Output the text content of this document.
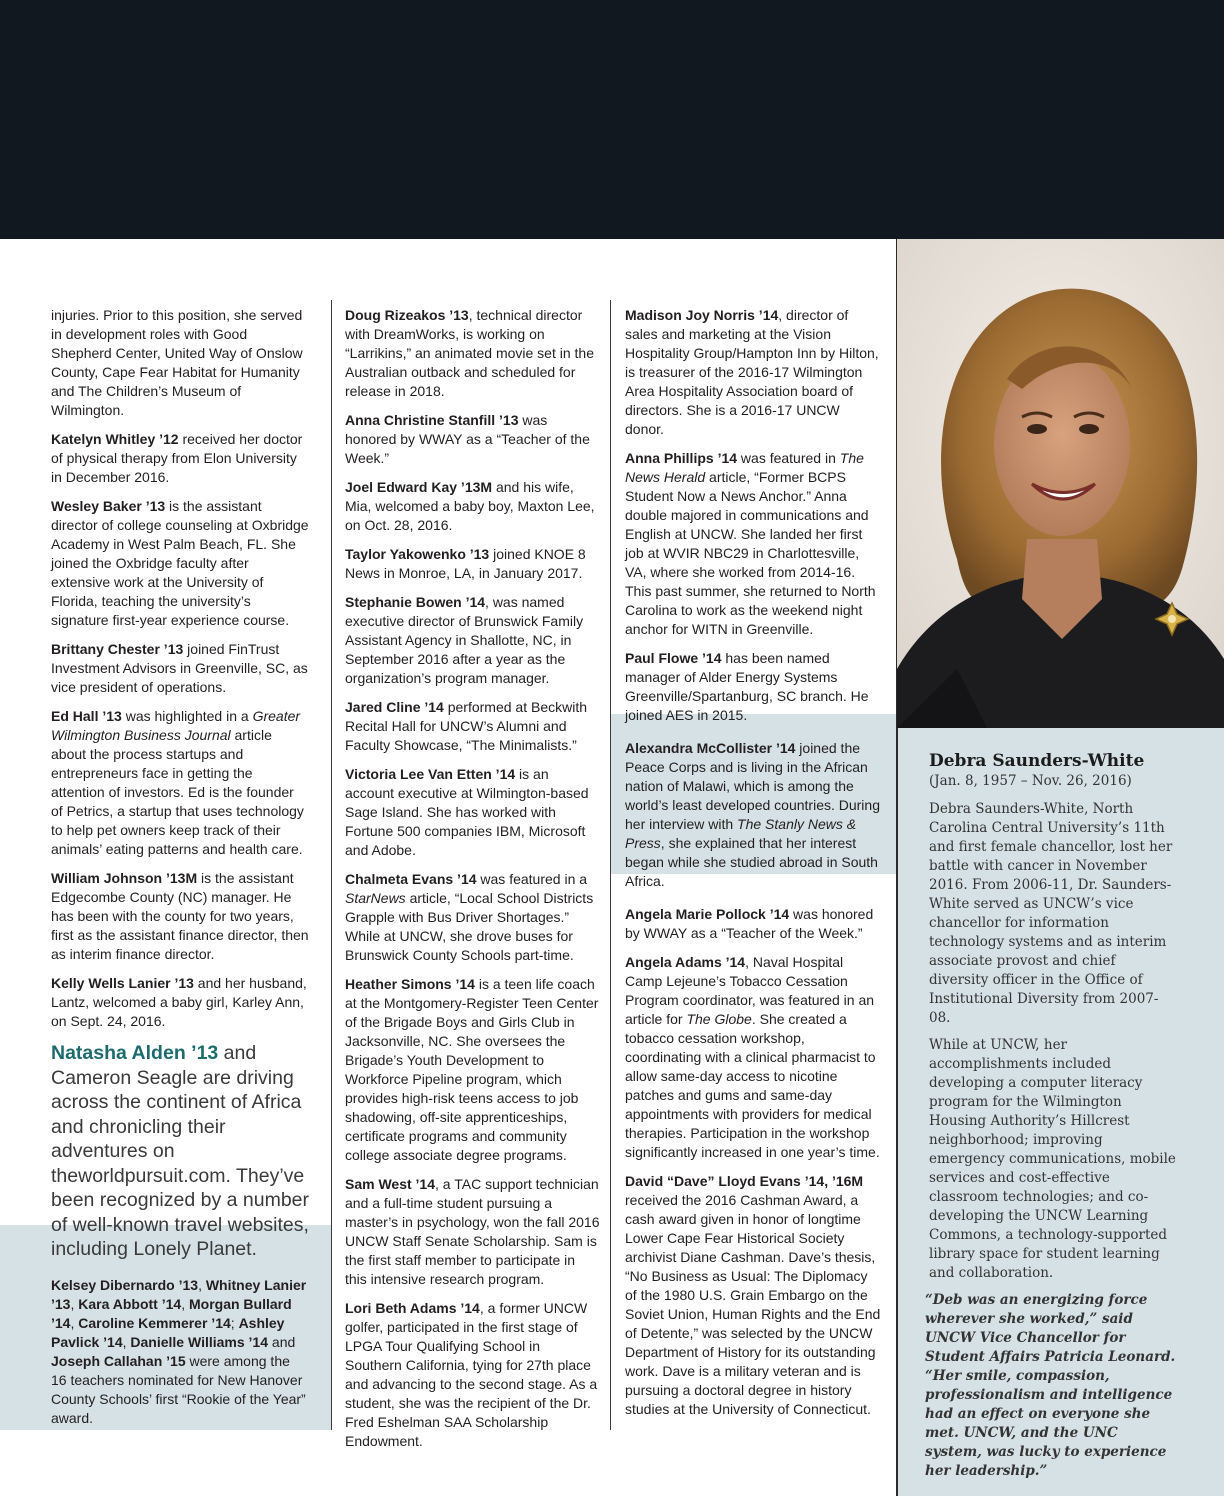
injuries. Prior to this position, she served in development roles with Good Shepherd Center, United Way of Onslow County, Cape Fear Habitat for Humanity and The Children’s Museum of Wilmington.

Katelyn Whitley ’12 received her doctor of physical therapy from Elon University in December 2016.

Wesley Baker ’13 is the assistant director of college counseling at Oxbridge Academy in West Palm Beach, FL. She joined the Oxbridge faculty after extensive work at the University of Florida, teaching the university’s signature first-year experience course.

Brittany Chester ’13 joined FinTrust Investment Advisors in Greenville, SC, as vice president of operations.

Ed Hall ’13 was highlighted in a Greater Wilmington Business Journal article about the process startups and entrepreneurs face in getting the attention of investors. Ed is the founder of Petrics, a startup that uses technology to help pet owners keep track of their animals’ eating patterns and health care.

William Johnson ’13M is the assistant Edgecombe County (NC) manager. He has been with the county for two years, first as the assistant finance director, then as interim finance director.

Kelly Wells Lanier ’13 and her husband, Lantz, welcomed a baby girl, Karley Ann, on Sept. 24, 2016.

Natasha Alden ’13 and Cameron Seagle are driving across the continent of Africa and chronicling their adventures on theworldpursuit.com. They’ve been recognized by a number of well-known travel websites, including Lonely Planet.

Kelsey Dibernardo ’13, Whitney Lanier ’13, Kara Abbott ’14, Morgan Bullard ’14, Caroline Kemmerer ’14; Ashley Pavlick ’14, Danielle Williams ’14 and Joseph Callahan ’15 were among the 16 teachers nominated for New Hanover County Schools’ first “Rookie of the Year” award.

Doug Rizeakos ’13, technical director with DreamWorks, is working on “Larrikins,” an animated movie set in the Australian outback and scheduled for release in 2018.

Anna Christine Stanfill ’13 was honored by WWAY as a “Teacher of the Week.”

Joel Edward Kay ’13M and his wife, Mia, welcomed a baby boy, Maxton Lee, on Oct. 28, 2016.

Taylor Yakowenko ’13 joined KNOE 8 News in Monroe, LA, in January 2017.

Stephanie Bowen ’14, was named executive director of Brunswick Family Assistant Agency in Shallotte, NC, in September 2016 after a year as the organization’s program manager.

Jared Cline ’14 performed at Beckwith Recital Hall for UNCW’s Alumni and Faculty Showcase, “The Minimalists.”

Victoria Lee Van Etten ’14 is an account executive at Wilmington-based Sage Island. She has worked with Fortune 500 companies IBM, Microsoft and Adobe.

Chalmeta Evans ’14 was featured in a StarNews article, “Local School Districts Grapple with Bus Driver Shortages.” While at UNCW, she drove buses for Brunswick County Schools part-time.

Heather Simons ’14 is a teen life coach at the Montgomery-Register Teen Center of the Brigade Boys and Girls Club in Jacksonville, NC. She oversees the Brigade’s Youth Development to Workforce Pipeline program, which provides high-risk teens access to job shadowing, off-site apprenticeships, certificate programs and community college associate degree programs.

Sam West ’14, a TAC support technician and a full-time student pursuing a master’s in psychology, won the fall 2016 UNCW Staff Senate Scholarship. Sam is the first staff member to participate in this intensive research program.

Lori Beth Adams ’14, a former UNCW golfer, participated in the first stage of LPGA Tour Qualifying School in Southern California, tying for 27th place and advancing to the second stage. As a student, she was the recipient of the Dr. Fred Eshelman SAA Scholarship Endowment.

Madison Joy Norris ’14, director of sales and marketing at the Vision Hospitality Group/Hampton Inn by Hilton, is treasurer of the 2016-17 Wilmington Area Hospitality Association board of directors. She is a 2016-17 UNCW donor.

Anna Phillips ’14 was featured in The News Herald article, “Former BCPS Student Now a News Anchor.” Anna double majored in communications and English at UNCW. She landed her first job at WVIR NBC29 in Charlottesville, VA, where she worked from 2014-16. This past summer, she returned to North Carolina to work as the weekend night anchor for WITN in Greenville.

Paul Flowe ’14 has been named manager of Alder Energy Systems Greenville/Spartanburg, SC branch. He joined AES in 2015.

Alexandra McCollister ’14 joined the Peace Corps and is living in the African nation of Malawi, which is among the world’s least developed countries. During her interview with The Stanly News & Press, she explained that her interest began while she studied abroad in South Africa.

Angela Marie Pollock ’14 was honored by WWAY as a “Teacher of the Week.”

Angela Adams ’14, Naval Hospital Camp Lejeune’s Tobacco Cessation Program coordinator, was featured in an article for The Globe. She created a tobacco cessation workshop, coordinating with a clinical pharmacist to allow same-day access to nicotine patches and gums and same-day appointments with providers for medical therapies. Participation in the workshop significantly increased in one year’s time.

David “Dave” Lloyd Evans ’14, ’16M received the 2016 Cashman Award, a cash award given in honor of longtime Lower Cape Fear Historical Society archivist Diane Cashman. Dave’s thesis, “No Business as Usual: The Diplomacy of the 1980 U.S. Grain Embargo on the Soviet Union, Human Rights and the End of Detente,” was selected by the UNCW Department of History for its outstanding work. Dave is a military veteran and is pursuing a doctoral degree in history studies at the University of Connecticut.

Debra Saunders-White
(Jan. 8, 1957 – Nov. 26, 2016)

Debra Saunders-White, North Carolina Central University’s 11th and first female chancellor, lost her battle with cancer in November 2016. From 2006-11, Dr. Saunders-White served as UNCW’s vice chancellor for information technology systems and as interim associate provost and chief diversity officer in the Office of Institutional Diversity from 2007-08.

While at UNCW, her accomplishments included developing a computer literacy program for the Wilmington Housing Authority’s Hillcrest neighborhood; improving emergency communications, mobile services and cost-effective classroom technologies; and co-developing the UNCW Learning Commons, a technology-supported library space for student learning and collaboration.

“Deb was an energizing force wherever she worked,” said UNCW Vice Chancellor for Student Affairs Patricia Leonard. “Her smile, compassion, professionalism and intelligence had an effect on everyone she met. UNCW, and the UNC system, was lucky to experience her leadership.”
